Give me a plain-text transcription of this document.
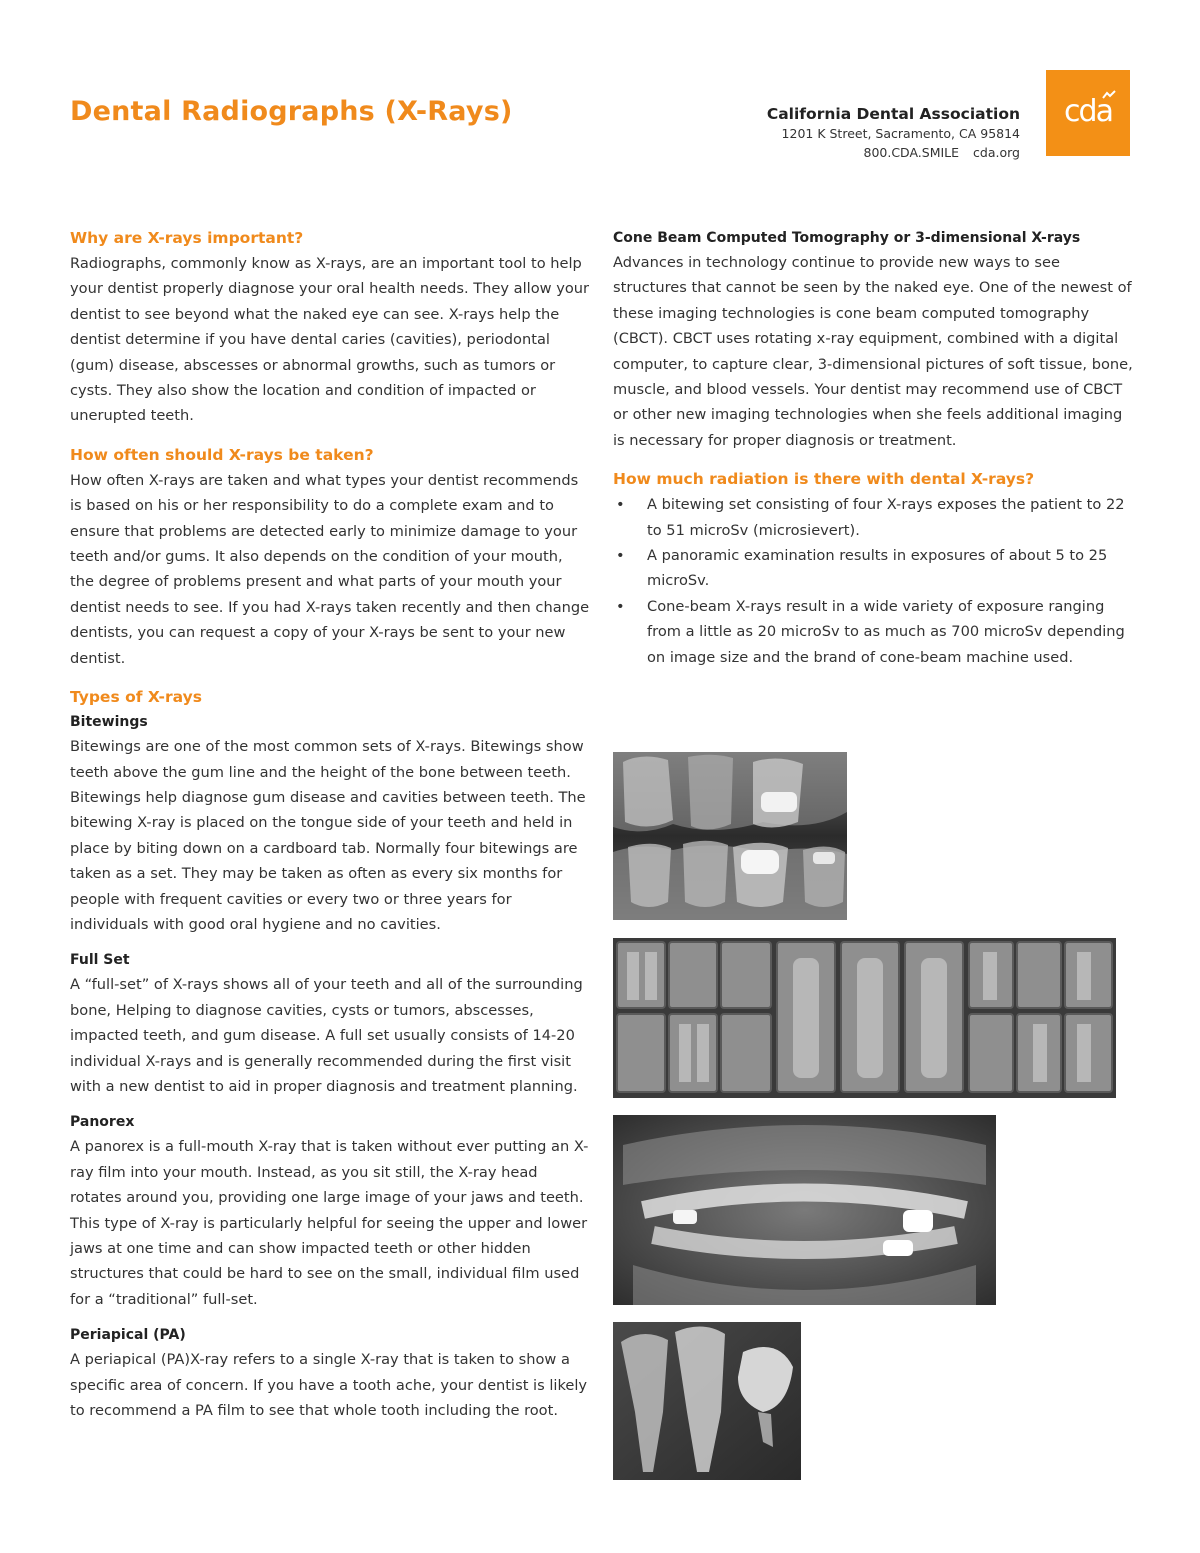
Dental Radiographs (X-Rays)	California Dental Association
1201 K Street, Sacramento, CA 95814
800.CDA.SMILE cda.org
cda

Why are X-rays important?

Radiographs, commonly know as X-rays, are an important tool to help your dentist properly diagnose your oral health needs. They allow your dentist to see beyond what the naked eye can see. X-rays help the dentist determine if you have dental caries (cavities), periodontal (gum) disease, abscesses or abnormal growths, such as tumors or cysts. They also show the location and condition of impacted or unerupted teeth.

How often should X-rays be taken?

How often X-rays are taken and what types your dentist recommends is based on his or her responsibility to do a complete exam and to ensure that problems are detected early to minimize damage to your teeth and/or gums. It also depends on the condition of your mouth, the degree of problems present and what parts of your mouth your dentist needs to see. If you had X-rays taken recently and then change dentists, you can request a copy of your X-rays be sent to your new dentist.

Types of X-rays

Bitewings

Bitewings are one of the most common sets of X-rays. Bitewings show teeth above the gum line and the height of the bone between teeth. Bitewings help diagnose gum disease and cavities between teeth. The bitewing X-ray is placed on the tongue side of your teeth and held in place by biting down on a cardboard tab. Normally four bitewings are taken as a set. They may be taken as often as every six months for people with frequent cavities or every two or three years for individuals with good oral hygiene and no cavities.

Full Set

A “full-set” of X-rays shows all of your teeth and all of the surrounding bone, Helping to diagnose cavities, cysts or tumors, abscesses, impacted teeth, and gum disease. A full set usually consists of 14-20 individual X-rays and is generally recommended during the first visit with a new dentist to aid in proper diagnosis and treatment planning.

Panorex

A panorex is a full-mouth X-ray that is taken without ever putting an X-ray film into your mouth. Instead, as you sit still, the X-ray head rotates around you, providing one large image of your jaws and teeth. This type of X-ray is particularly helpful for seeing the upper and lower jaws at one time and can show impacted teeth or other hidden structures that could be hard to see on the small, individual film used for a “traditional” full-set.

Periapical (PA)

A periapical (PA)X-ray refers to a single X-ray that is taken to show a specific area of concern. If you have a tooth ache, your dentist is likely to recommend a PA film to see that whole tooth including the root.

Cone Beam Computed Tomography or 3-dimensional X-rays

Advances in technology continue to provide new ways to see structures that cannot be seen by the naked eye. One of the newest of these imaging technologies is cone beam computed tomography (CBCT). CBCT uses rotating x-ray equipment, combined with a digital computer, to capture clear, 3-dimensional pictures of soft tissue, bone, muscle, and blood vessels. Your dentist may recommend use of CBCT or other new imaging technologies when she feels additional imaging is necessary for proper diagnosis or treatment.

How much radiation is there with dental X-rays?

• A bitewing set consisting of four X-rays exposes the patient to 22 to 51 microSv (microsievert).
• A panoramic examination results in exposures of about 5 to 25 microSv.
• Cone-beam X-rays result in a wide variety of exposure ranging from a little as 20 microSv to as much as 700 microSv depending on image size and the brand of cone-beam machine used.
